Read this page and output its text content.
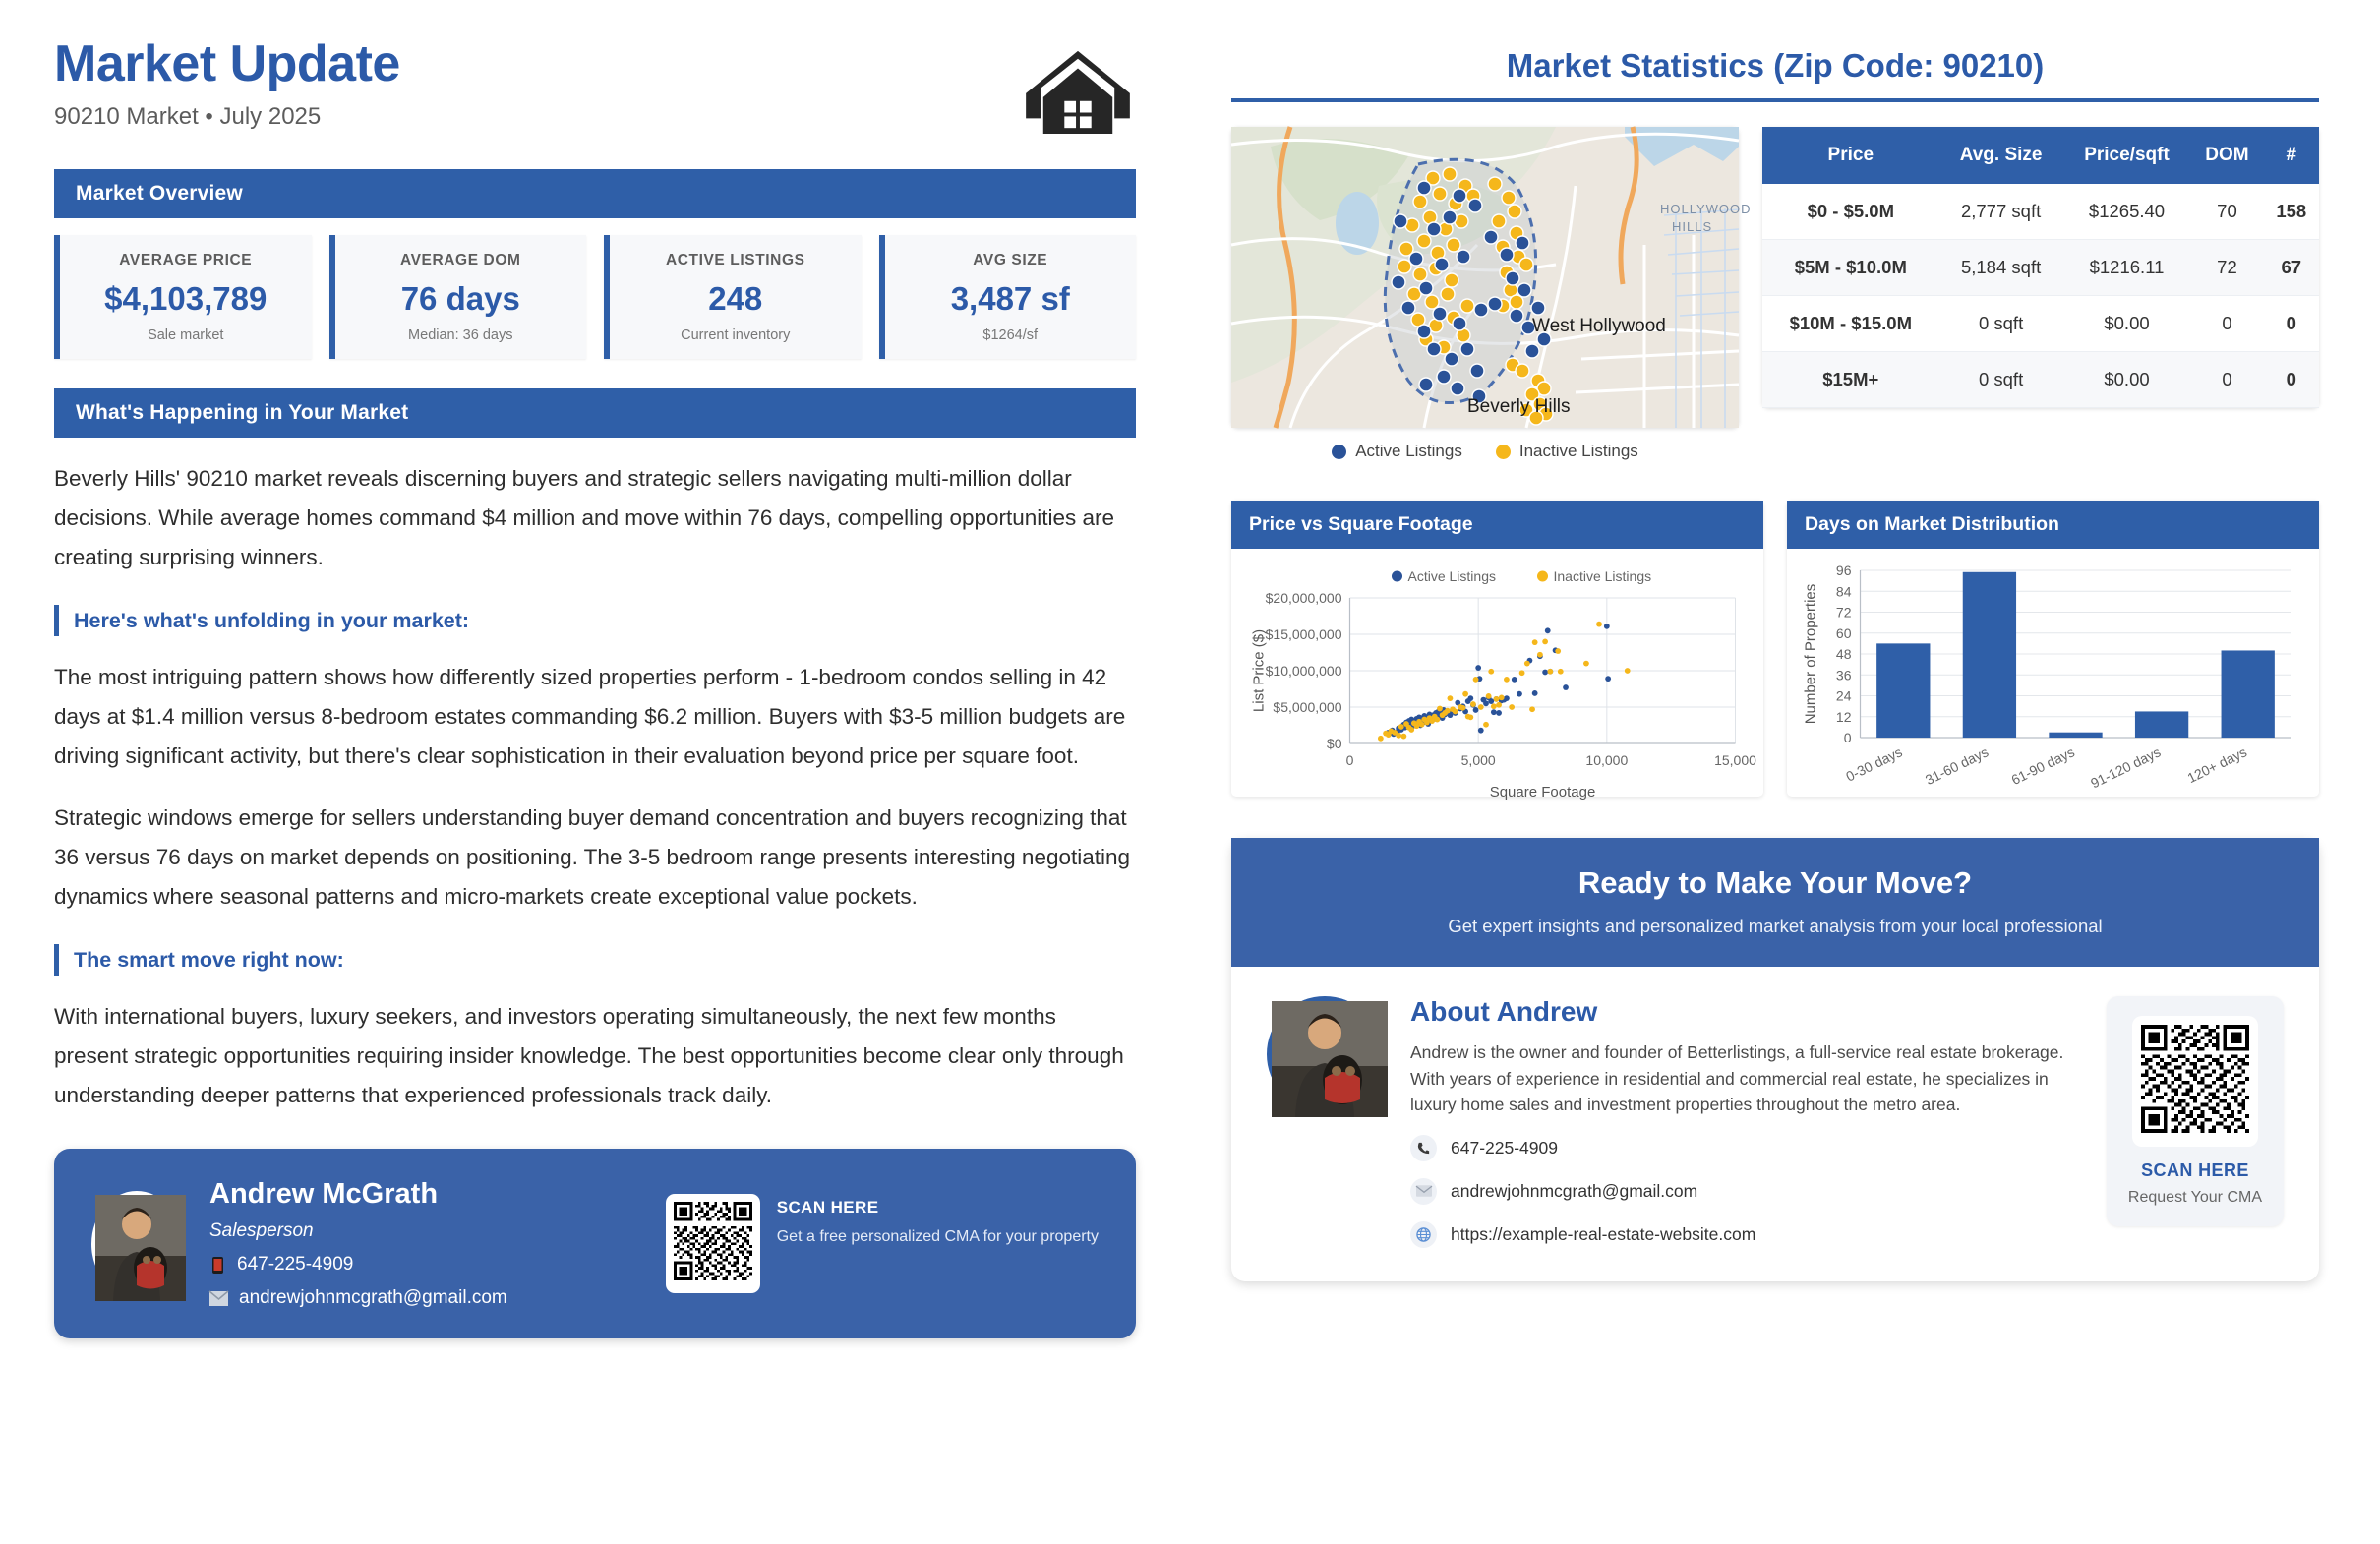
Market Update
90210 Market • July 2025
Market Overview
AVERAGE PRICE
$4,103,789
Sale market
AVERAGE DOM
76 days
Median: 36 days
ACTIVE LISTINGS
248
Current inventory
AVG SIZE
3,487 sf
$1264/sf
What's Happening in Your Market
Beverly Hills' 90210 market reveals discerning buyers and strategic sellers navigating multi-million dollar decisions. While average homes command $4 million and move within 76 days, compelling opportunities are creating surprising winners.
Here's what's unfolding in your market:
The most intriguing pattern shows how differently sized properties perform - 1-bedroom condos selling in 42 days at $1.4 million versus 8-bedroom estates commanding $6.2 million. Buyers with $3-5 million budgets are driving significant activity, but there's clear sophistication in their evaluation beyond price per square foot.
Strategic windows emerge for sellers understanding buyer demand concentration and buyers recognizing that 36 versus 76 days on market depends on positioning. The 3-5 bedroom range presents interesting negotiating dynamics where seasonal patterns and micro-markets create exceptional value pockets.
The smart move right now:
With international buyers, luxury seekers, and investors operating simultaneously, the next few months present strategic opportunities requiring insider knowledge. The best opportunities become clear only through understanding deeper patterns that experienced professionals track daily.
Andrew McGrath
Salesperson
647-225-4909
andrewjohnmcgrath@gmail.com
SCAN HERE
Get a free personalized CMA for your property
Market Statistics (Zip Code: 90210)
HOLLYWOOD
HILLS
West Hollywood
Beverly Hills
Active Listings	Inactive Listings
Price	Avg. Size	Price/sqft	DOM	#
$0 - $5.0M	2,777 sqft	$1265.40	70	158
$5M - $10.0M	5,184 sqft	$1216.11	72	67
$10M - $15.0M	0 sqft	$0.00	0	0
$15M+	0 sqft	$0.00	0	0
Price vs Square Footage
Active Listings	Inactive Listings
$0
$5,000,000
$10,000,000
$15,000,000
$20,000,000
0	5,000	10,000	15,000
Square Footage
List Price ($)
Days on Market Distribution
0
12
24
36
48
60
72
84
96
0-30 days 31-60 days 61-90 days 91-120 days 120+ days
Number of Properties
Ready to Make Your Move?
Get expert insights and personalized market analysis from your local professional
About Andrew
Andrew is the owner and founder of Betterlistings, a full-service real estate brokerage. With years of experience in residential and commercial real estate, he specializes in luxury home sales and investment properties throughout the metro area.
647-225-4909
andrewjohnmcgrath@gmail.com
https://example-real-estate-website.com
SCAN HERE
Request Your CMA
